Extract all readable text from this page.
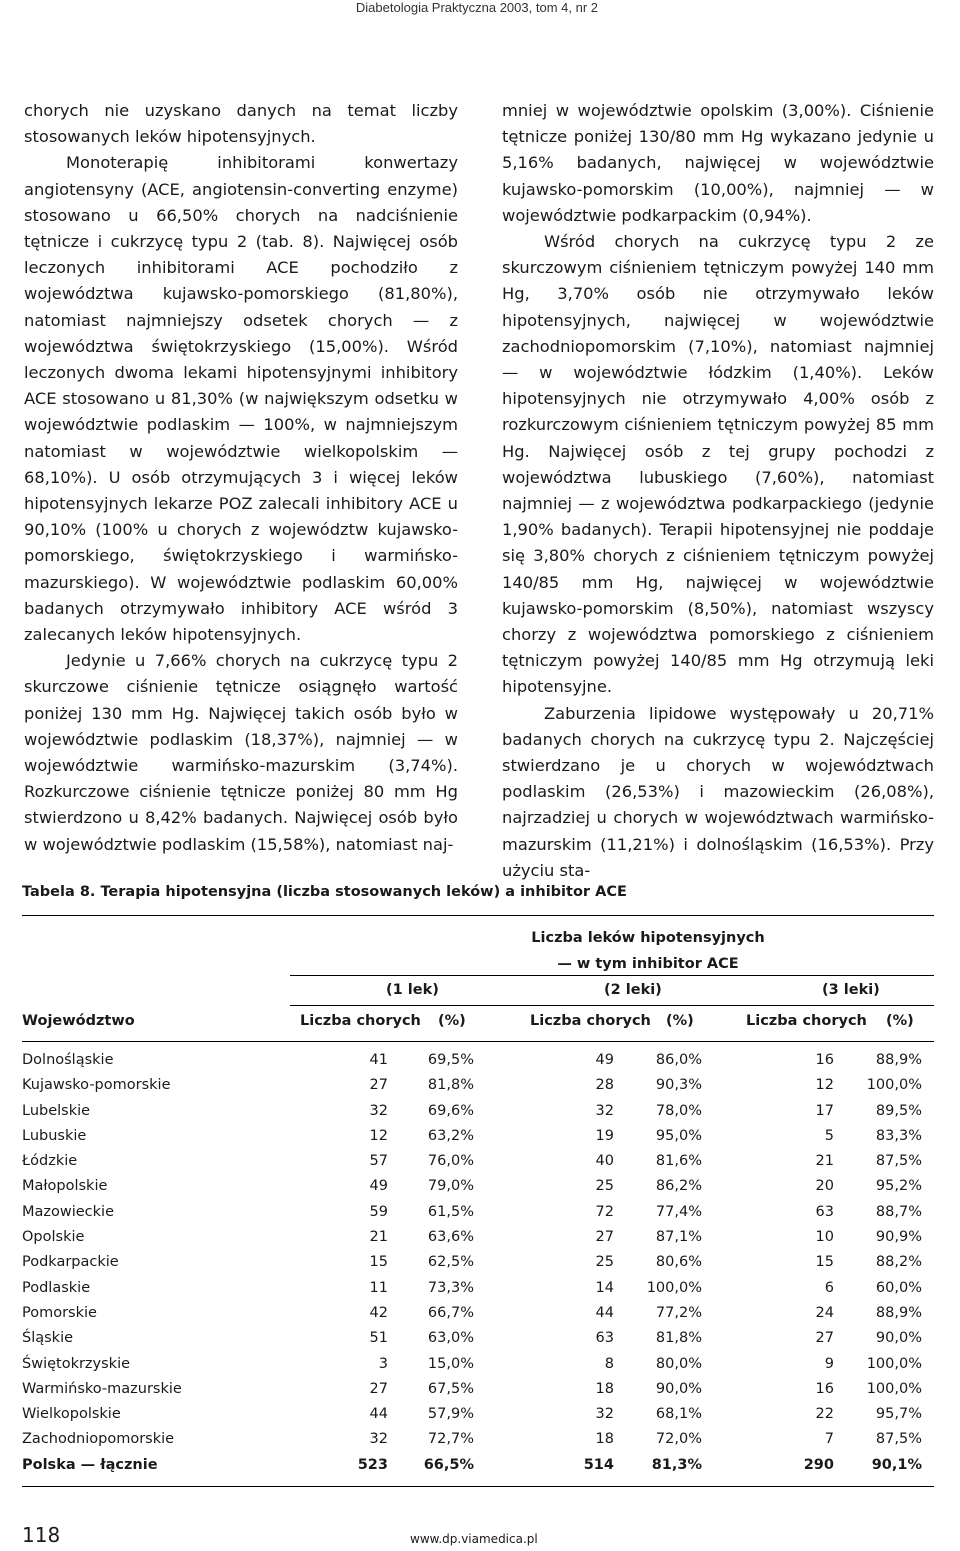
Diabetologia Praktyczna 2003, tom 4, nr 2

chorych nie uzyskano danych na temat liczby stosowanych leków hipotensyjnych.

Monoterapię inhibitorami konwertazy angiotensyny (ACE, angiotensin-converting enzyme) stosowano u 66,50% chorych na nadciśnienie tętnicze i cukrzycę typu 2 (tab. 8). Najwięcej osób leczonych inhibitorami ACE pochodziło z województwa kujawsko-pomorskiego (81,80%), natomiast najmniejszy odsetek chorych — z województwa świętokrzyskiego (15,00%). Wśród leczonych dwoma lekami hipotensyjnymi inhibitory ACE stosowano u 81,30% (w największym odsetku w województwie podlaskim — 100%, w najmniejszym natomiast w województwie wielkopolskim — 68,10%). U osób otrzymujących 3 i więcej leków hipotensyjnych lekarze POZ zalecali inhibitory ACE u 90,10% (100% u chorych z województw kujawsko-pomorskiego, świętokrzyskiego i warmińsko-mazurskiego). W województwie podlaskim 60,00% badanych otrzymywało inhibitory ACE wśród 3 zalecanych leków hipotensyjnych.

Jedynie u 7,66% chorych na cukrzycę typu 2 skurczowe ciśnienie tętnicze osiągnęło wartość poniżej 130 mm Hg. Najwięcej takich osób było w województwie podlaskim (18,37%), najmniej — w województwie warmińsko-mazurskim (3,74%). Rozkurczowe ciśnienie tętnicze poniżej 80 mm Hg stwierdzono u 8,42% badanych. Najwięcej osób było w województwie podlaskim (15,58%), natomiast naj-

mniej w województwie opolskim (3,00%). Ciśnienie tętnicze poniżej 130/80 mm Hg wykazano jedynie u 5,16% badanych, najwięcej w województwie kujawsko-pomorskim (10,00%), najmniej — w województwie podkarpackim (0,94%).

Wśród chorych na cukrzycę typu 2 ze skurczowym ciśnieniem tętniczym powyżej 140 mm Hg, 3,70% osób nie otrzymywało leków hipotensyjnych, najwięcej w województwie zachodniopomorskim (7,10%), natomiast najmniej — w województwie łódzkim (1,40%). Leków hipotensyjnych nie otrzymywało 4,00% osób z rozkurczowym ciśnieniem tętniczym powyżej 85 mm Hg. Najwięcej osób z tej grupy pochodzi z województwa lubuskiego (7,60%), natomiast najmniej — z województwa podkarpackiego (jedynie 1,90% badanych). Terapii hipotensyjnej nie poddaje się 3,80% chorych z ciśnieniem tętniczym powyżej 140/85 mm Hg, najwięcej w województwie kujawsko-pomorskim (8,50%), natomiast wszyscy chorzy z województwa pomorskiego z ciśnieniem tętniczym powyżej 140/85 mm Hg otrzymują leki hipotensyjne.

Zaburzenia lipidowe występowały u 20,71% badanych chorych na cukrzycę typu 2. Najczęściej stwierdzano je u chorych w województwach podlaskim (26,53%) i mazowieckim (26,08%), najrzadziej u chorych w województwach warmińsko-mazurskim (11,21%) i dolnośląskim (16,53%). Przy użyciu sta-

Tabela 8. Terapia hipotensyjna (liczba stosowanych leków) a inhibitor ACE
Liczba leków hipotensyjnych
— w tym inhibitor ACE
(1 lek)	(2 leki)	(3 leki)
Województwo	Liczba chorych (%)	Liczba chorych (%)	Liczba chorych (%)
Dolnośląskie	41	69,5%	49	86,0%	16	88,9%
Kujawsko-pomorskie	27	81,8%	28	90,3%	12 100,0%
Lubelskie	32	69,6%	32	78,0%	17	89,5%
Lubuskie	12	63,2%	19	95,0%	5	83,3%
Łódzkie	57	76,0%	40	81,6%	21	87,5%
Małopolskie	49	79,0%	25	86,2%	20	95,2%
Mazowieckie	59	61,5%	72	77,4%	63	88,7%
Opolskie	21	63,6%	27	87,1%	10	90,9%
Podkarpackie	15	62,5%	25	80,6%	15	88,2%
Podlaskie	11	73,3%	14 100,0%	6	60,0%
Pomorskie	42	66,7%	44	77,2%	24	88,9%
Śląskie	51	63,0%	63	81,8%	27	90,0%
Świętokrzyskie	3	15,0%	8	80,0%	9 100,0%
Warmińsko-mazurskie	27	67,5%	18	90,0%	16 100,0%
Wielkopolskie	44	57,9%	32	68,1%	22	95,7%
Zachodniopomorskie	32	72,7%	18	72,0%	7	87,5%
Polska — łącznie	523 66,5%	514	81,3%	290	90,1%
118	www.dp.viamedica.pl
